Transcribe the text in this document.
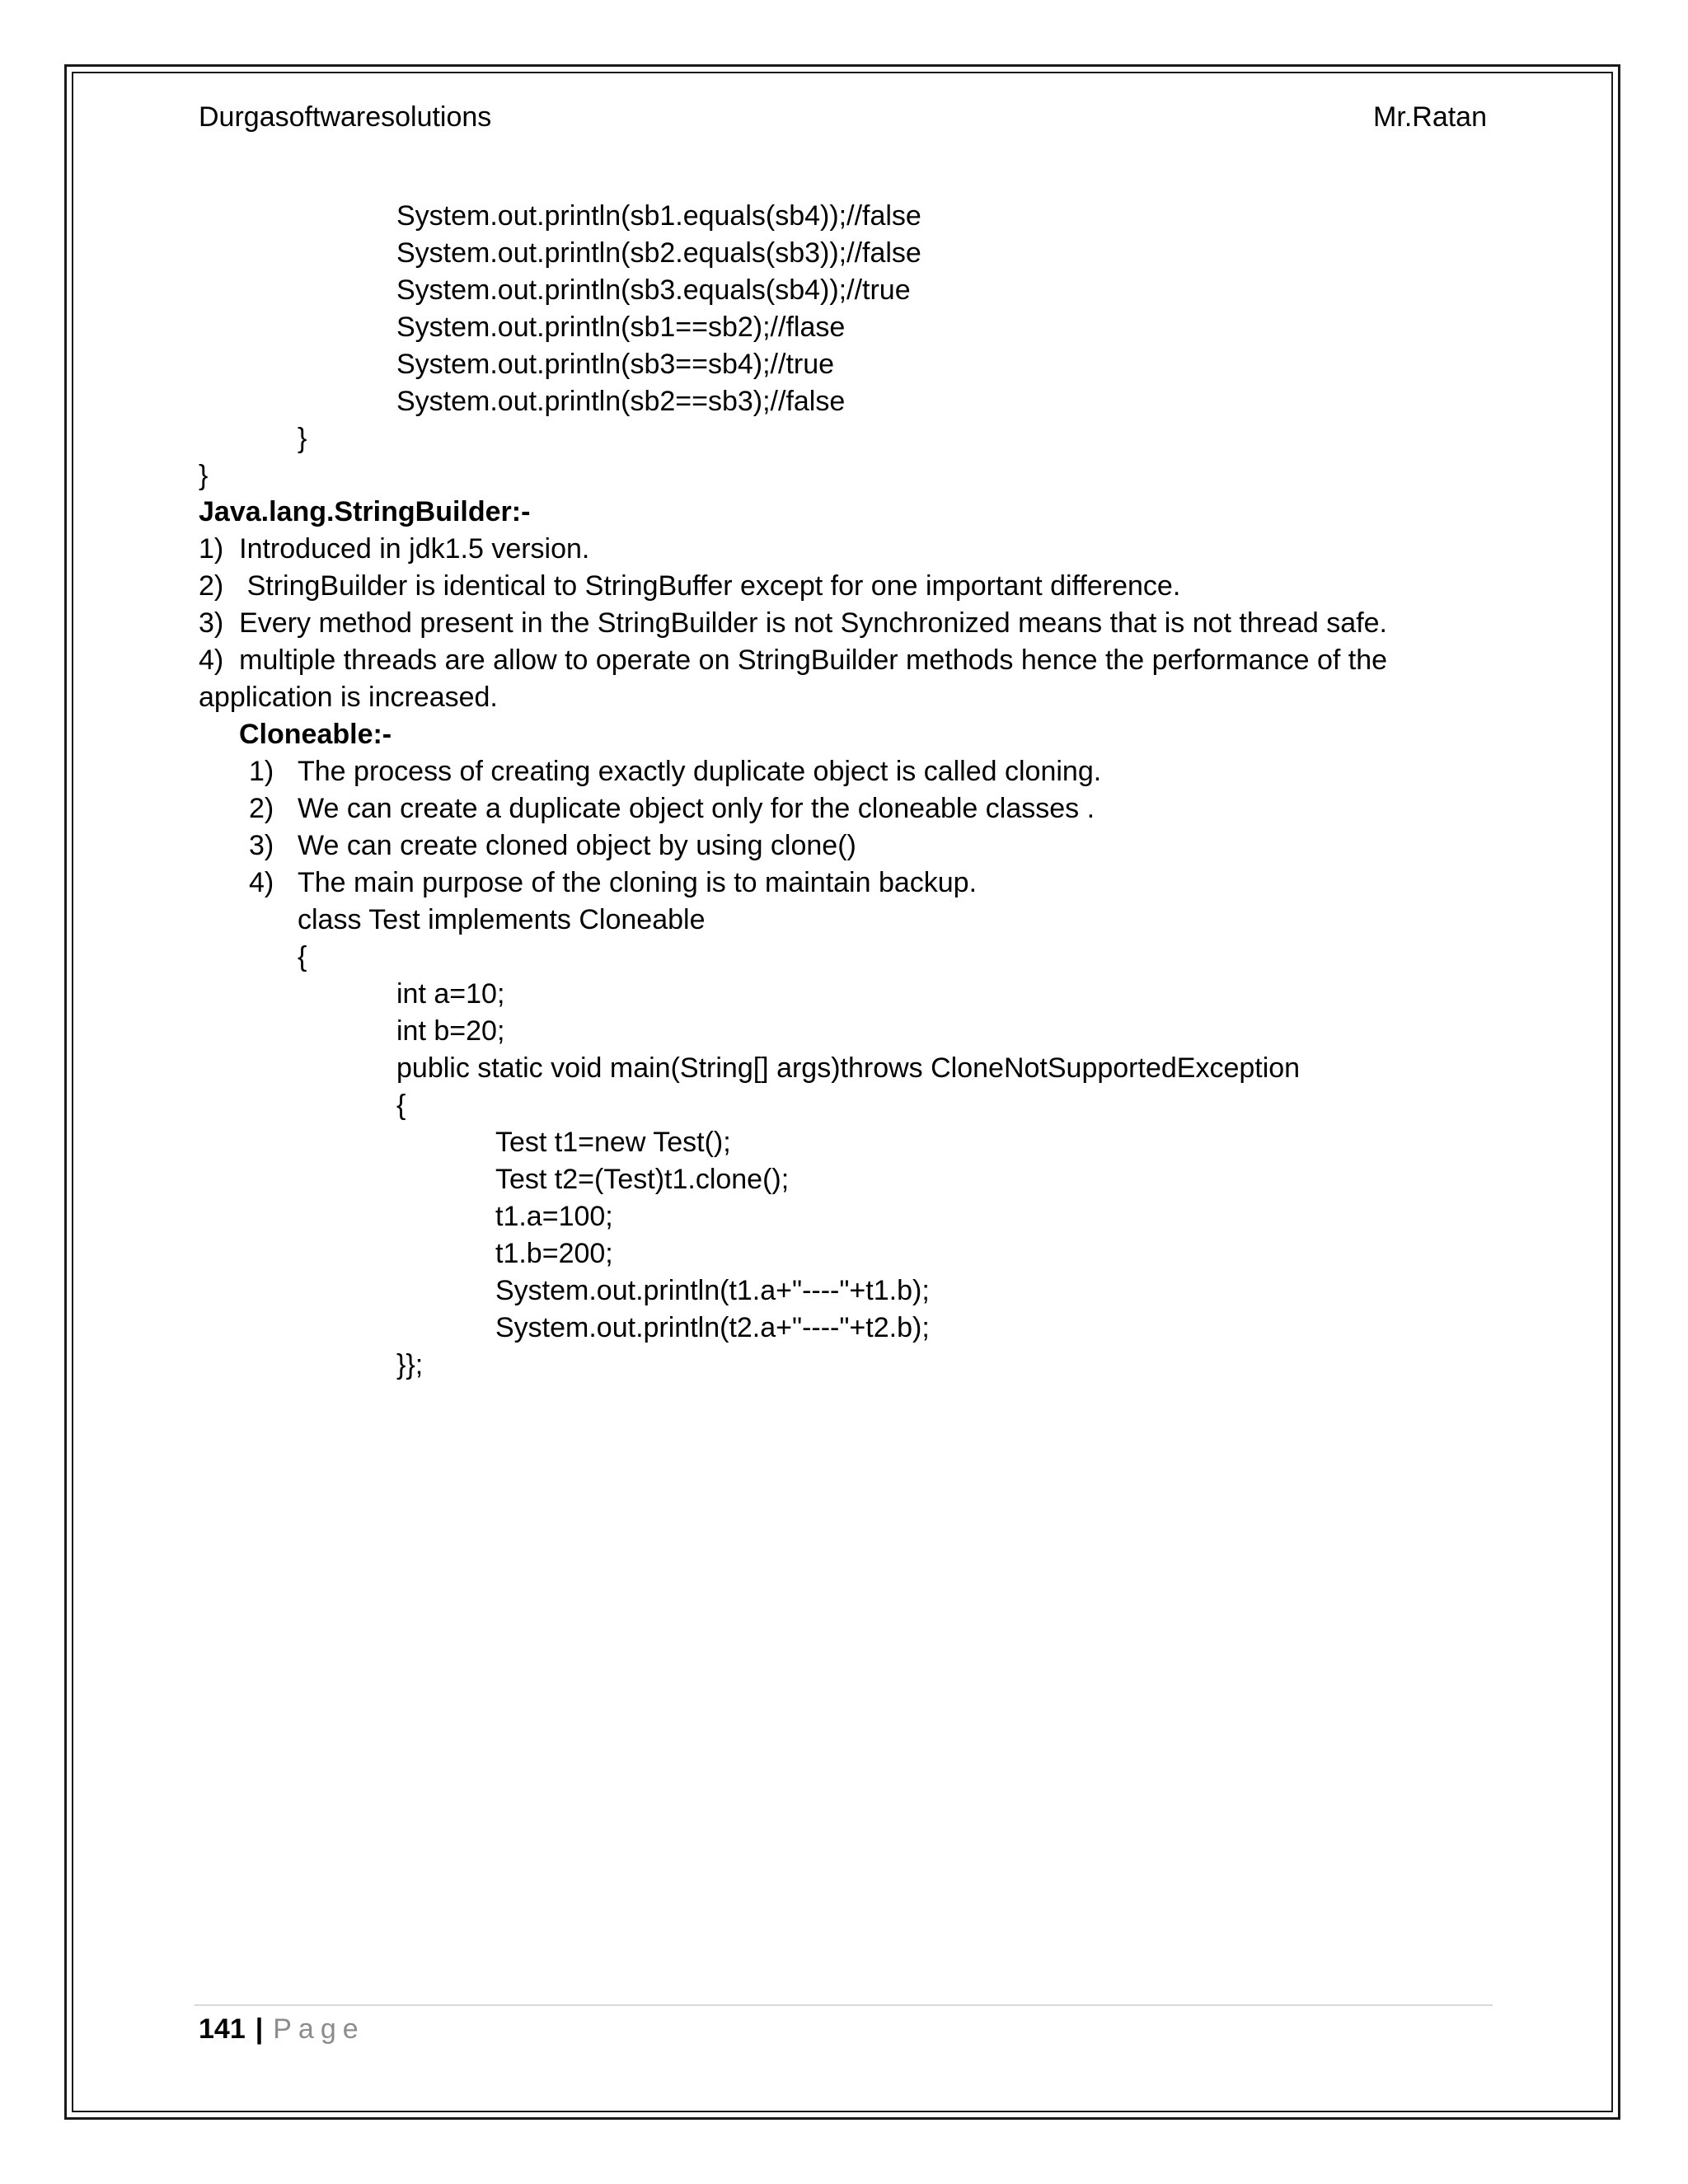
Durgasoftwaresolutions	Mr.Ratan
System.out.println(sb1.equals(sb4));//false
System.out.println(sb2.equals(sb3));//false
System.out.println(sb3.equals(sb4));//true
System.out.println(sb1==sb2);//flase
System.out.println(sb3==sb4);//true
System.out.println(sb2==sb3);//false
}
}
Java.lang.StringBuilder:-
1)  Introduced in jdk1.5 version.
2)   StringBuilder is identical to StringBuffer except for one important difference.
3)  Every method present in the StringBuilder is not Synchronized means that is not thread safe.
4)  multiple threads are allow to operate on StringBuilder methods hence the performance of the
application is increased.
Cloneable:-
1) The process of creating exactly duplicate object is called cloning.
2) We can create a duplicate object only for the cloneable classes .
3) We can create cloned object by using clone()
4) The main purpose of the cloning is to maintain backup.
class Test implements Cloneable
{
int a=10;
int b=20;
public static void main(String[] args)throws CloneNotSupportedException
{
Test t1=new Test();
Test t2=(Test)t1.clone();
t1.a=100;
t1.b=200;
System.out.println(t1.a+"----"+t1.b);
System.out.println(t2.a+"----"+t2.b);
}};
141 | Page
